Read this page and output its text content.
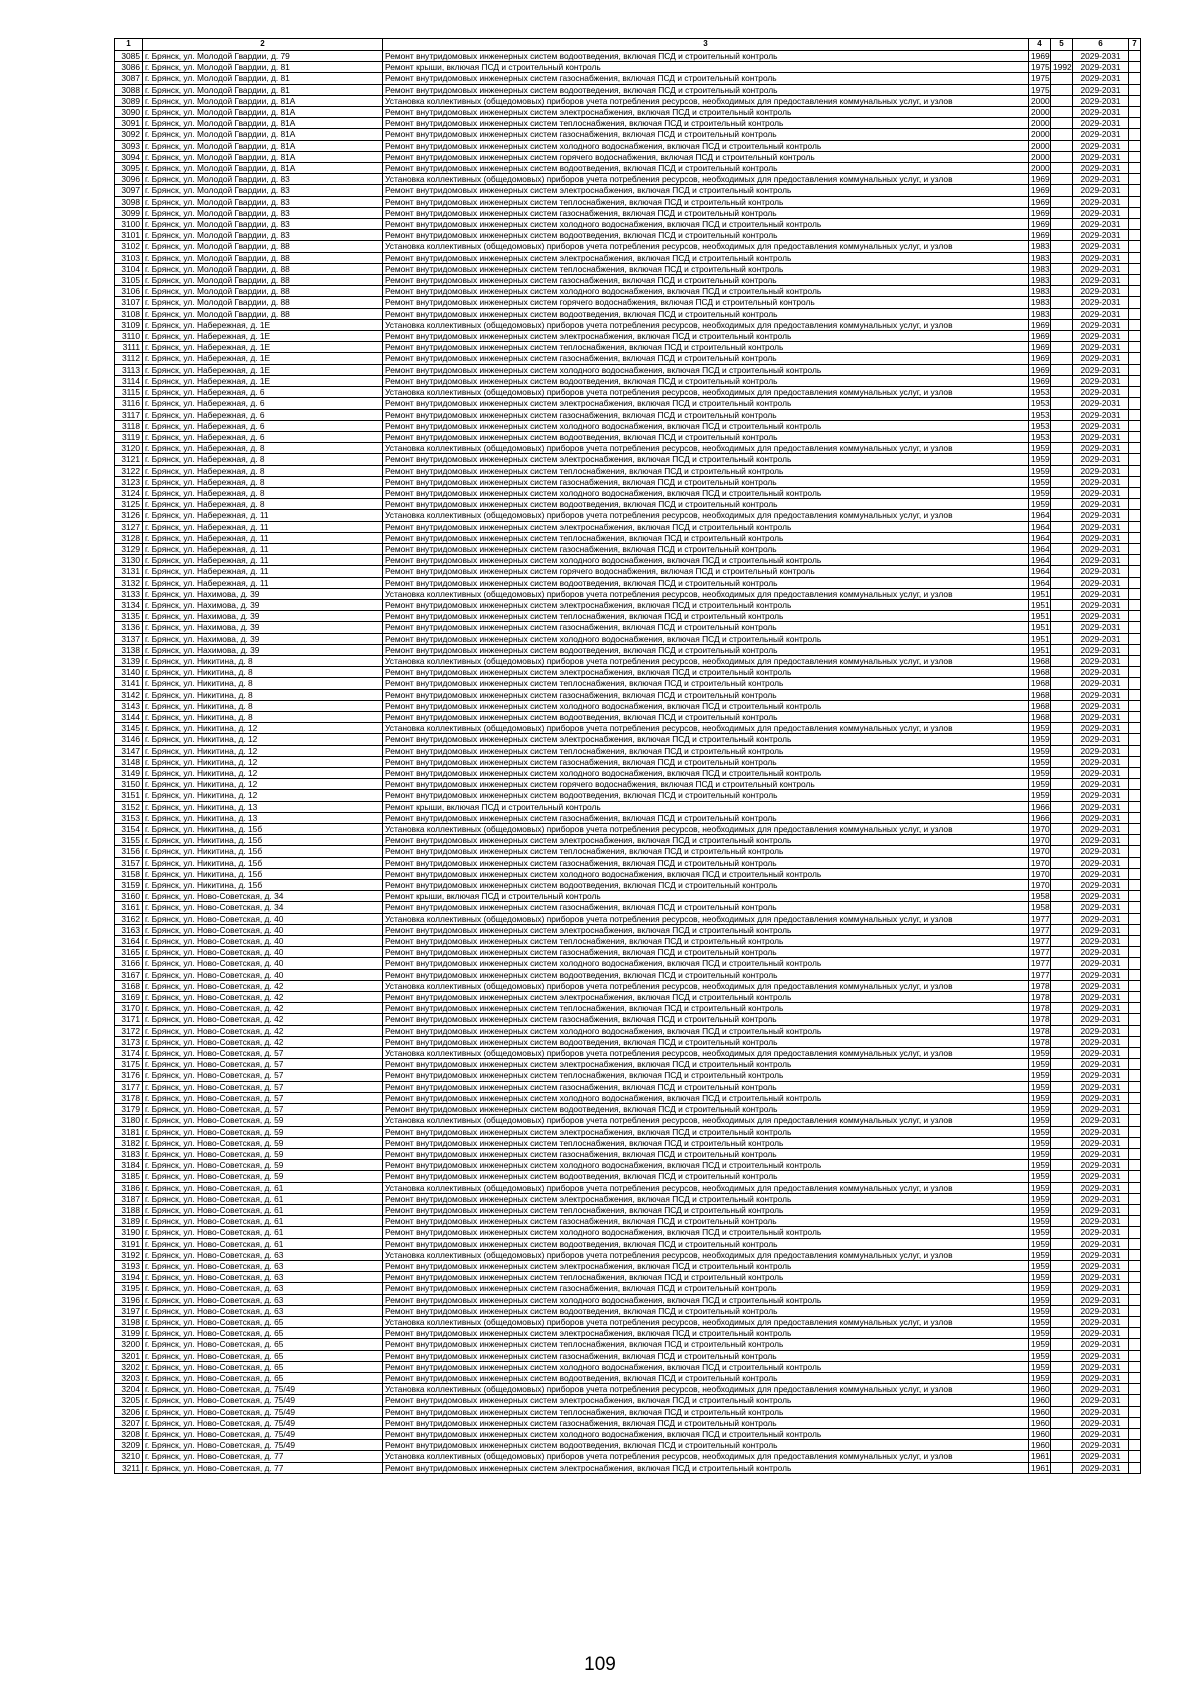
1	2	3	4	5	6	7
3085	г. Брянск, ул. Молодой Гвардии, д. 79	Ремонт внутридомовых инженерных систем водоотведения, включая ПСД и строительный контроль	1969		2029-2031	
3086	г. Брянск, ул. Молодой Гвардии, д. 81	Ремонт крыши, включая ПСД и строительный контроль	1975	1992	2029-2031	
3087	г. Брянск, ул. Молодой Гвардии, д. 81	Ремонт внутридомовых инженерных систем газоснабжения, включая ПСД и строительный контроль	1975		2029-2031	
3088	г. Брянск, ул. Молодой Гвардии, д. 81	Ремонт внутридомовых инженерных систем водоотведения, включая ПСД и строительный контроль	1975		2029-2031	
3089	г. Брянск, ул. Молодой Гвардии, д. 81А	Установка коллективных (общедомовых) приборов учета потребления ресурсов, необходимых для предоставления коммунальных услуг, и узлов	2000		2029-2031	
3090	г. Брянск, ул. Молодой Гвардии, д. 81А	Ремонт внутридомовых инженерных систем электроснабжения, включая ПСД и строительный контроль	2000		2029-2031	
3091	г. Брянск, ул. Молодой Гвардии, д. 81А	Ремонт внутридомовых инженерных систем теплоснабжения, включая ПСД и строительный контроль	2000		2029-2031	
3092	г. Брянск, ул. Молодой Гвардии, д. 81А	Ремонт внутридомовых инженерных систем газоснабжения, включая ПСД и строительный контроль	2000		2029-2031	
3093	г. Брянск, ул. Молодой Гвардии, д. 81А	Ремонт внутридомовых инженерных систем холодного водоснабжения, включая ПСД и строительный контроль	2000		2029-2031	
3094	г. Брянск, ул. Молодой Гвардии, д. 81А	Ремонт внутридомовых инженерных систем горячего водоснабжения, включая ПСД и строительный контроль	2000		2029-2031	
3095	г. Брянск, ул. Молодой Гвардии, д. 81А	Ремонт внутридомовых инженерных систем водоотведения, включая ПСД и строительный контроль	2000		2029-2031	
3096	г. Брянск, ул. Молодой Гвардии, д. 83	Установка коллективных (общедомовых) приборов учета потребления ресурсов, необходимых для предоставления коммунальных услуг, и узлов	1969		2029-2031	
3097	г. Брянск, ул. Молодой Гвардии, д. 83	Ремонт внутридомовых инженерных систем электроснабжения, включая ПСД и строительный контроль	1969		2029-2031	
3098	г. Брянск, ул. Молодой Гвардии, д. 83	Ремонт внутридомовых инженерных систем теплоснабжения, включая ПСД и строительный контроль	1969		2029-2031	
3099	г. Брянск, ул. Молодой Гвардии, д. 83	Ремонт внутридомовых инженерных систем газоснабжения, включая ПСД и строительный контроль	1969		2029-2031	
3100	г. Брянск, ул. Молодой Гвардии, д. 83	Ремонт внутридомовых инженерных систем холодного водоснабжения, включая ПСД и строительный контроль	1969		2029-2031	
3101	г. Брянск, ул. Молодой Гвардии, д. 83	Ремонт внутридомовых инженерных систем водоотведения, включая ПСД и строительный контроль	1969		2029-2031	
3102	г. Брянск, ул. Молодой Гвардии, д. 88	Установка коллективных (общедомовых) приборов учета потребления ресурсов, необходимых для предоставления коммунальных услуг, и узлов	1983		2029-2031	
3103	г. Брянск, ул. Молодой Гвардии, д. 88	Ремонт внутридомовых инженерных систем электроснабжения, включая ПСД и строительный контроль	1983		2029-2031	
3104	г. Брянск, ул. Молодой Гвардии, д. 88	Ремонт внутридомовых инженерных систем теплоснабжения, включая ПСД и строительный контроль	1983		2029-2031	
3105	г. Брянск, ул. Молодой Гвардии, д. 88	Ремонт внутридомовых инженерных систем газоснабжения, включая ПСД и строительный контроль	1983		2029-2031	
3106	г. Брянск, ул. Молодой Гвардии, д. 88	Ремонт внутридомовых инженерных систем холодного водоснабжения, включая ПСД и строительный контроль	1983		2029-2031	
3107	г. Брянск, ул. Молодой Гвардии, д. 88	Ремонт внутридомовых инженерных систем горячего водоснабжения, включая ПСД и строительный контроль	1983		2029-2031	
3108	г. Брянск, ул. Молодой Гвардии, д. 88	Ремонт внутридомовых инженерных систем водоотведения, включая ПСД и строительный контроль	1983		2029-2031	
3109	г. Брянск, ул. Набережная, д. 1Е	Установка коллективных (общедомовых) приборов учета потребления ресурсов, необходимых для предоставления коммунальных услуг, и узлов	1969		2029-2031	
3110	г. Брянск, ул. Набережная, д. 1Е	Ремонт внутридомовых инженерных систем электроснабжения, включая ПСД и строительный контроль	1969		2029-2031	
3111	г. Брянск, ул. Набережная, д. 1Е	Ремонт внутридомовых инженерных систем теплоснабжения, включая ПСД и строительный контроль	1969		2029-2031	
3112	г. Брянск, ул. Набережная, д. 1Е	Ремонт внутридомовых инженерных систем газоснабжения, включая ПСД и строительный контроль	1969		2029-2031	
3113	г. Брянск, ул. Набережная, д. 1Е	Ремонт внутридомовых инженерных систем холодного водоснабжения, включая ПСД и строительный контроль	1969		2029-2031	
3114	г. Брянск, ул. Набережная, д. 1Е	Ремонт внутридомовых инженерных систем водоотведения, включая ПСД и строительный контроль	1969		2029-2031	
3115	г. Брянск, ул. Набережная, д. 6	Установка коллективных (общедомовых) приборов учета потребления ресурсов, необходимых для предоставления коммунальных услуг, и узлов	1953		2029-2031	
3116	г. Брянск, ул. Набережная, д. 6	Ремонт внутридомовых инженерных систем электроснабжения, включая ПСД и строительный контроль	1953		2029-2031	
3117	г. Брянск, ул. Набережная, д. 6	Ремонт внутридомовых инженерных систем газоснабжения, включая ПСД и строительный контроль	1953		2029-2031	
3118	г. Брянск, ул. Набережная, д. 6	Ремонт внутридомовых инженерных систем холодного водоснабжения, включая ПСД и строительный контроль	1953		2029-2031	
3119	г. Брянск, ул. Набережная, д. 6	Ремонт внутридомовых инженерных систем водоотведения, включая ПСД и строительный контроль	1953		2029-2031	
3120	г. Брянск, ул. Набережная, д. 8	Установка коллективных (общедомовых) приборов учета потребления ресурсов, необходимых для предоставления коммунальных услуг, и узлов	1959		2029-2031	
3121	г. Брянск, ул. Набережная, д. 8	Ремонт внутридомовых инженерных систем электроснабжения, включая ПСД и строительный контроль	1959		2029-2031	
3122	г. Брянск, ул. Набережная, д. 8	Ремонт внутридомовых инженерных систем теплоснабжения, включая ПСД и строительный контроль	1959		2029-2031	
3123	г. Брянск, ул. Набережная, д. 8	Ремонт внутридомовых инженерных систем газоснабжения, включая ПСД и строительный контроль	1959		2029-2031	
3124	г. Брянск, ул. Набережная, д. 8	Ремонт внутридомовых инженерных систем холодного водоснабжения, включая ПСД и строительный контроль	1959		2029-2031	
3125	г. Брянск, ул. Набережная, д. 8	Ремонт внутридомовых инженерных систем водоотведения, включая ПСД и строительный контроль	1959		2029-2031	
3126	г. Брянск, ул. Набережная, д. 11	Установка коллективных (общедомовых) приборов учета потребления ресурсов, необходимых для предоставления коммунальных услуг, и узлов	1964		2029-2031	
3127	г. Брянск, ул. Набережная, д. 11	Ремонт внутридомовых инженерных систем электроснабжения, включая ПСД и строительный контроль	1964		2029-2031	
3128	г. Брянск, ул. Набережная, д. 11	Ремонт внутридомовых инженерных систем теплоснабжения, включая ПСД и строительный контроль	1964		2029-2031	
3129	г. Брянск, ул. Набережная, д. 11	Ремонт внутридомовых инженерных систем газоснабжения, включая ПСД и строительный контроль	1964		2029-2031	
3130	г. Брянск, ул. Набережная, д. 11	Ремонт внутридомовых инженерных систем холодного водоснабжения, включая ПСД и строительный контроль	1964		2029-2031	
3131	г. Брянск, ул. Набережная, д. 11	Ремонт внутридомовых инженерных систем горячего водоснабжения, включая ПСД и строительный контроль	1964		2029-2031	
3132	г. Брянск, ул. Набережная, д. 11	Ремонт внутридомовых инженерных систем водоотведения, включая ПСД и строительный контроль	1964		2029-2031	
3133	г. Брянск, ул. Нахимова, д. 39	Установка коллективных (общедомовых) приборов учета потребления ресурсов, необходимых для предоставления коммунальных услуг, и узлов	1951		2029-2031	
3134	г. Брянск, ул. Нахимова, д. 39	Ремонт внутридомовых инженерных систем электроснабжения, включая ПСД и строительный контроль	1951		2029-2031	
3135	г. Брянск, ул. Нахимова, д. 39	Ремонт внутридомовых инженерных систем теплоснабжения, включая ПСД и строительный контроль	1951		2029-2031	
3136	г. Брянск, ул. Нахимова, д. 39	Ремонт внутридомовых инженерных систем газоснабжения, включая ПСД и строительный контроль	1951		2029-2031	
3137	г. Брянск, ул. Нахимова, д. 39	Ремонт внутридомовых инженерных систем холодного водоснабжения, включая ПСД и строительный контроль	1951		2029-2031	
3138	г. Брянск, ул. Нахимова, д. 39	Ремонт внутридомовых инженерных систем водоотведения, включая ПСД и строительный контроль	1951		2029-2031	
3139	г. Брянск, ул. Никитина, д. 8	Установка коллективных (общедомовых) приборов учета потребления ресурсов, необходимых для предоставления коммунальных услуг, и узлов	1968		2029-2031	
3140	г. Брянск, ул. Никитина, д. 8	Ремонт внутридомовых инженерных систем электроснабжения, включая ПСД и строительный контроль	1968		2029-2031	
3141	г. Брянск, ул. Никитина, д. 8	Ремонт внутридомовых инженерных систем теплоснабжения, включая ПСД и строительный контроль	1968		2029-2031	
3142	г. Брянск, ул. Никитина, д. 8	Ремонт внутридомовых инженерных систем газоснабжения, включая ПСД и строительный контроль	1968		2029-2031	
3143	г. Брянск, ул. Никитина, д. 8	Ремонт внутридомовых инженерных систем холодного водоснабжения, включая ПСД и строительный контроль	1968		2029-2031	
3144	г. Брянск, ул. Никитина, д. 8	Ремонт внутридомовых инженерных систем водоотведения, включая ПСД и строительный контроль	1968		2029-2031	
3145	г. Брянск, ул. Никитина, д. 12	Установка коллективных (общедомовых) приборов учета потребления ресурсов, необходимых для предоставления коммунальных услуг, и узлов	1959		2029-2031	
3146	г. Брянск, ул. Никитина, д. 12	Ремонт внутридомовых инженерных систем электроснабжения, включая ПСД и строительный контроль	1959		2029-2031	
3147	г. Брянск, ул. Никитина, д. 12	Ремонт внутридомовых инженерных систем теплоснабжения, включая ПСД и строительный контроль	1959		2029-2031	
3148	г. Брянск, ул. Никитина, д. 12	Ремонт внутридомовых инженерных систем газоснабжения, включая ПСД и строительный контроль	1959		2029-2031	
3149	г. Брянск, ул. Никитина, д. 12	Ремонт внутридомовых инженерных систем холодного водоснабжения, включая ПСД и строительный контроль	1959		2029-2031	
3150	г. Брянск, ул. Никитина, д. 12	Ремонт внутридомовых инженерных систем горячего водоснабжения, включая ПСД и строительный контроль	1959		2029-2031	
3151	г. Брянск, ул. Никитина, д. 12	Ремонт внутридомовых инженерных систем водоотведения, включая ПСД и строительный контроль	1959		2029-2031	
3152	г. Брянск, ул. Никитина, д. 13	Ремонт крыши, включая ПСД и строительный контроль	1966		2029-2031	
3153	г. Брянск, ул. Никитина, д. 13	Ремонт внутридомовых инженерных систем газоснабжения, включая ПСД и строительный контроль	1966		2029-2031	
3154	г. Брянск, ул. Никитина, д. 15б	Установка коллективных (общедомовых) приборов учета потребления ресурсов, необходимых для предоставления коммунальных услуг, и узлов	1970		2029-2031	
3155	г. Брянск, ул. Никитина, д. 15б	Ремонт внутридомовых инженерных систем электроснабжения, включая ПСД и строительный контроль	1970		2029-2031	
3156	г. Брянск, ул. Никитина, д. 15б	Ремонт внутридомовых инженерных систем теплоснабжения, включая ПСД и строительный контроль	1970		2029-2031	
3157	г. Брянск, ул. Никитина, д. 15б	Ремонт внутридомовых инженерных систем газоснабжения, включая ПСД и строительный контроль	1970		2029-2031	
3158	г. Брянск, ул. Никитина, д. 15б	Ремонт внутридомовых инженерных систем холодного водоснабжения, включая ПСД и строительный контроль	1970		2029-2031	
3159	г. Брянск, ул. Никитина, д. 15б	Ремонт внутридомовых инженерных систем водоотведения, включая ПСД и строительный контроль	1970		2029-2031	
3160	г. Брянск, ул. Ново-Советская, д. 34	Ремонт крыши, включая ПСД и строительный контроль	1958		2029-2031	
3161	г. Брянск, ул. Ново-Советская, д. 34	Ремонт внутридомовых инженерных систем газоснабжения, включая ПСД и строительный контроль	1958		2029-2031	
3162	г. Брянск, ул. Ново-Советская, д. 40	Установка коллективных (общедомовых) приборов учета потребления ресурсов, необходимых для предоставления коммунальных услуг, и узлов	1977		2029-2031	
3163	г. Брянск, ул. Ново-Советская, д. 40	Ремонт внутридомовых инженерных систем электроснабжения, включая ПСД и строительный контроль	1977		2029-2031	
3164	г. Брянск, ул. Ново-Советская, д. 40	Ремонт внутридомовых инженерных систем теплоснабжения, включая ПСД и строительный контроль	1977		2029-2031	
3165	г. Брянск, ул. Ново-Советская, д. 40	Ремонт внутридомовых инженерных систем газоснабжения, включая ПСД и строительный контроль	1977		2029-2031	
3166	г. Брянск, ул. Ново-Советская, д. 40	Ремонт внутридомовых инженерных систем холодного водоснабжения, включая ПСД и строительный контроль	1977		2029-2031	
3167	г. Брянск, ул. Ново-Советская, д. 40	Ремонт внутридомовых инженерных систем водоотведения, включая ПСД и строительный контроль	1977		2029-2031	
3168	г. Брянск, ул. Ново-Советская, д. 42	Установка коллективных (общедомовых) приборов учета потребления ресурсов, необходимых для предоставления коммунальных услуг, и узлов	1978		2029-2031	
3169	г. Брянск, ул. Ново-Советская, д. 42	Ремонт внутридомовых инженерных систем электроснабжения, включая ПСД и строительный контроль	1978		2029-2031	
3170	г. Брянск, ул. Ново-Советская, д. 42	Ремонт внутридомовых инженерных систем теплоснабжения, включая ПСД и строительный контроль	1978		2029-2031	
3171	г. Брянск, ул. Ново-Советская, д. 42	Ремонт внутридомовых инженерных систем газоснабжения, включая ПСД и строительный контроль	1978		2029-2031	
3172	г. Брянск, ул. Ново-Советская, д. 42	Ремонт внутридомовых инженерных систем холодного водоснабжения, включая ПСД и строительный контроль	1978		2029-2031	
3173	г. Брянск, ул. Ново-Советская, д. 42	Ремонт внутридомовых инженерных систем водоотведения, включая ПСД и строительный контроль	1978		2029-2031	
3174	г. Брянск, ул. Ново-Советская, д. 57	Установка коллективных (общедомовых) приборов учета потребления ресурсов, необходимых для предоставления коммунальных услуг, и узлов	1959		2029-2031	
3175	г. Брянск, ул. Ново-Советская, д. 57	Ремонт внутридомовых инженерных систем электроснабжения, включая ПСД и строительный контроль	1959		2029-2031	
3176	г. Брянск, ул. Ново-Советская, д. 57	Ремонт внутридомовых инженерных систем теплоснабжения, включая ПСД и строительный контроль	1959		2029-2031	
3177	г. Брянск, ул. Ново-Советская, д. 57	Ремонт внутридомовых инженерных систем газоснабжения, включая ПСД и строительный контроль	1959		2029-2031	
3178	г. Брянск, ул. Ново-Советская, д. 57	Ремонт внутридомовых инженерных систем холодного водоснабжения, включая ПСД и строительный контроль	1959		2029-2031	
3179	г. Брянск, ул. Ново-Советская, д. 57	Ремонт внутридомовых инженерных систем водоотведения, включая ПСД и строительный контроль	1959		2029-2031	
3180	г. Брянск, ул. Ново-Советская, д. 59	Установка коллективных (общедомовых) приборов учета потребления ресурсов, необходимых для предоставления коммунальных услуг, и узлов	1959		2029-2031	
3181	г. Брянск, ул. Ново-Советская, д. 59	Ремонт внутридомовых инженерных систем электроснабжения, включая ПСД и строительный контроль	1959		2029-2031	
3182	г. Брянск, ул. Ново-Советская, д. 59	Ремонт внутридомовых инженерных систем теплоснабжения, включая ПСД и строительный контроль	1959		2029-2031	
3183	г. Брянск, ул. Ново-Советская, д. 59	Ремонт внутридомовых инженерных систем газоснабжения, включая ПСД и строительный контроль	1959		2029-2031	
3184	г. Брянск, ул. Ново-Советская, д. 59	Ремонт внутридомовых инженерных систем холодного водоснабжения, включая ПСД и строительный контроль	1959		2029-2031	
3185	г. Брянск, ул. Ново-Советская, д. 59	Ремонт внутридомовых инженерных систем водоотведения, включая ПСД и строительный контроль	1959		2029-2031	
3186	г. Брянск, ул. Ново-Советская, д. 61	Установка коллективных (общедомовых) приборов учета потребления ресурсов, необходимых для предоставления коммунальных услуг, и узлов	1959		2029-2031	
3187	г. Брянск, ул. Ново-Советская, д. 61	Ремонт внутридомовых инженерных систем электроснабжения, включая ПСД и строительный контроль	1959		2029-2031	
3188	г. Брянск, ул. Ново-Советская, д. 61	Ремонт внутридомовых инженерных систем теплоснабжения, включая ПСД и строительный контроль	1959		2029-2031	
3189	г. Брянск, ул. Ново-Советская, д. 61	Ремонт внутридомовых инженерных систем газоснабжения, включая ПСД и строительный контроль	1959		2029-2031	
3190	г. Брянск, ул. Ново-Советская, д. 61	Ремонт внутридомовых инженерных систем холодного водоснабжения, включая ПСД и строительный контроль	1959		2029-2031	
3191	г. Брянск, ул. Ново-Советская, д. 61	Ремонт внутридомовых инженерных систем водоотведения, включая ПСД и строительный контроль	1959		2029-2031	
3192	г. Брянск, ул. Ново-Советская, д. 63	Установка коллективных (общедомовых) приборов учета потребления ресурсов, необходимых для предоставления коммунальных услуг, и узлов	1959		2029-2031	
3193	г. Брянск, ул. Ново-Советская, д. 63	Ремонт внутридомовых инженерных систем электроснабжения, включая ПСД и строительный контроль	1959		2029-2031	
3194	г. Брянск, ул. Ново-Советская, д. 63	Ремонт внутридомовых инженерных систем теплоснабжения, включая ПСД и строительный контроль	1959		2029-2031	
3195	г. Брянск, ул. Ново-Советская, д. 63	Ремонт внутридомовых инженерных систем газоснабжения, включая ПСД и строительный контроль	1959		2029-2031	
3196	г. Брянск, ул. Ново-Советская, д. 63	Ремонт внутридомовых инженерных систем холодного водоснабжения, включая ПСД и строительный контроль	1959		2029-2031	
3197	г. Брянск, ул. Ново-Советская, д. 63	Ремонт внутридомовых инженерных систем водоотведения, включая ПСД и строительный контроль	1959		2029-2031	
3198	г. Брянск, ул. Ново-Советская, д. 65	Установка коллективных (общедомовых) приборов учета потребления ресурсов, необходимых для предоставления коммунальных услуг, и узлов	1959		2029-2031	
3199	г. Брянск, ул. Ново-Советская, д. 65	Ремонт внутридомовых инженерных систем электроснабжения, включая ПСД и строительный контроль	1959		2029-2031	
3200	г. Брянск, ул. Ново-Советская, д. 65	Ремонт внутридомовых инженерных систем теплоснабжения, включая ПСД и строительный контроль	1959		2029-2031	
3201	г. Брянск, ул. Ново-Советская, д. 65	Ремонт внутридомовых инженерных систем газоснабжения, включая ПСД и строительный контроль	1959		2029-2031	
3202	г. Брянск, ул. Ново-Советская, д. 65	Ремонт внутридомовых инженерных систем холодного водоснабжения, включая ПСД и строительный контроль	1959		2029-2031	
3203	г. Брянск, ул. Ново-Советская, д. 65	Ремонт внутридомовых инженерных систем водоотведения, включая ПСД и строительный контроль	1959		2029-2031	
3204	г. Брянск, ул. Ново-Советская, д. 75/49	Установка коллективных (общедомовых) приборов учета потребления ресурсов, необходимых для предоставления коммунальных услуг, и узлов	1960		2029-2031	
3205	г. Брянск, ул. Ново-Советская, д. 75/49	Ремонт внутридомовых инженерных систем электроснабжения, включая ПСД и строительный контроль	1960		2029-2031	
3206	г. Брянск, ул. Ново-Советская, д. 75/49	Ремонт внутридомовых инженерных систем теплоснабжения, включая ПСД и строительный контроль	1960		2029-2031	
3207	г. Брянск, ул. Ново-Советская, д. 75/49	Ремонт внутридомовых инженерных систем газоснабжения, включая ПСД и строительный контроль	1960		2029-2031	
3208	г. Брянск, ул. Ново-Советская, д. 75/49	Ремонт внутридомовых инженерных систем холодного водоснабжения, включая ПСД и строительный контроль	1960		2029-2031	
3209	г. Брянск, ул. Ново-Советская, д. 75/49	Ремонт внутридомовых инженерных систем водоотведения, включая ПСД и строительный контроль	1960		2029-2031	
3210	г. Брянск, ул. Ново-Советская, д. 77	Установка коллективных (общедомовых) приборов учета потребления ресурсов, необходимых для предоставления коммунальных услуг, и узлов	1961		2029-2031	
3211	г. Брянск, ул. Ново-Советская, д. 77	Ремонт внутридомовых инженерных систем электроснабжения, включая ПСД и строительный контроль	1961		2029-2031	
109
